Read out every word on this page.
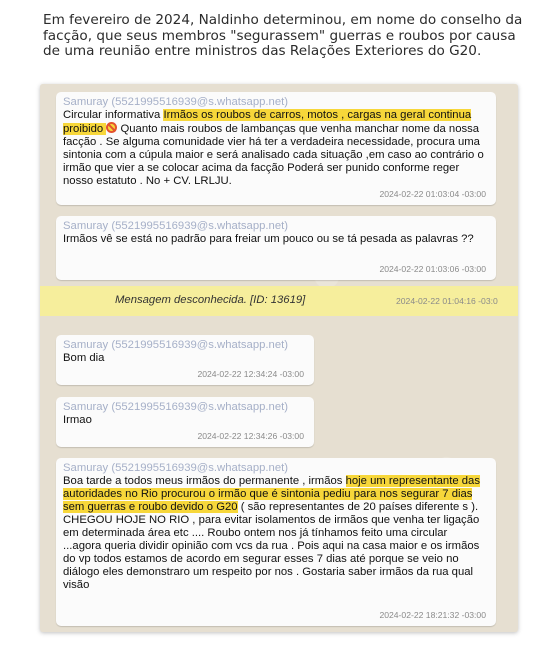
Em fevereiro de 2024, Naldinho determinou, em nome do conselho da facção, que seus membros "segurassem" guerras e roubos por causa de uma reunião entre ministros das Relações Exteriores do G20.
Samuray (5521995516939@s.whatsapp.net)
Circular informativa Irmãos os roubos de carros, motos , cargas na geral continua proibido  Quanto mais roubos de lambanças que venha manchar nome da nossa facção . Se alguma comunidade vier há ter a verdadeira necessidade, procura uma sintonia com a cúpula maior e será analisado cada situação ,em caso ao contrário o irmão que vier a se colocar acima da facção Poderá ser punido conforme reger nosso estatuto . No + CV. LRLJU.
2024-02-22 01:03:04 -03:00
Samuray (5521995516939@s.whatsapp.net)
Irmãos vê se está no padrão para freiar um pouco ou se tá pesada as palavras ??
2024-02-22 01:03:06 -03:00
Mensagem desconhecida. [ID: 13619]	2024-02-22 01:04:16 -03:0
Samuray (5521995516939@s.whatsapp.net)
Bom dia
2024-02-22 12:34:24 -03:00
Samuray (5521995516939@s.whatsapp.net)
Irmao
2024-02-22 12:34:26 -03:00
Samuray (5521995516939@s.whatsapp.net)
Boa tarde a todos meus irmãos do permanente , irmãos hoje um representante das autoridades no Rio procurou o irmão que é sintonia pediu para nos segurar 7 dias sem guerras e roubo devido o G20 ( são representantes de 20 países diferente s ). CHEGOU HOJE NO RIO , para evitar isolamentos de irmãos que venha ter ligação em determinada área etc .... Roubo ontem nos já tínhamos feito uma circular ...agora queria dividir opinião com vcs da rua . Pois aqui na casa maior e os irmãos do vp todos estamos de acordo em segurar esses 7 dias até porque se veio no diálogo eles demonstraro um respeito por nos . Gostaria saber irmãos da rua qual visão
2024-02-22 18:21:32 -03:00
